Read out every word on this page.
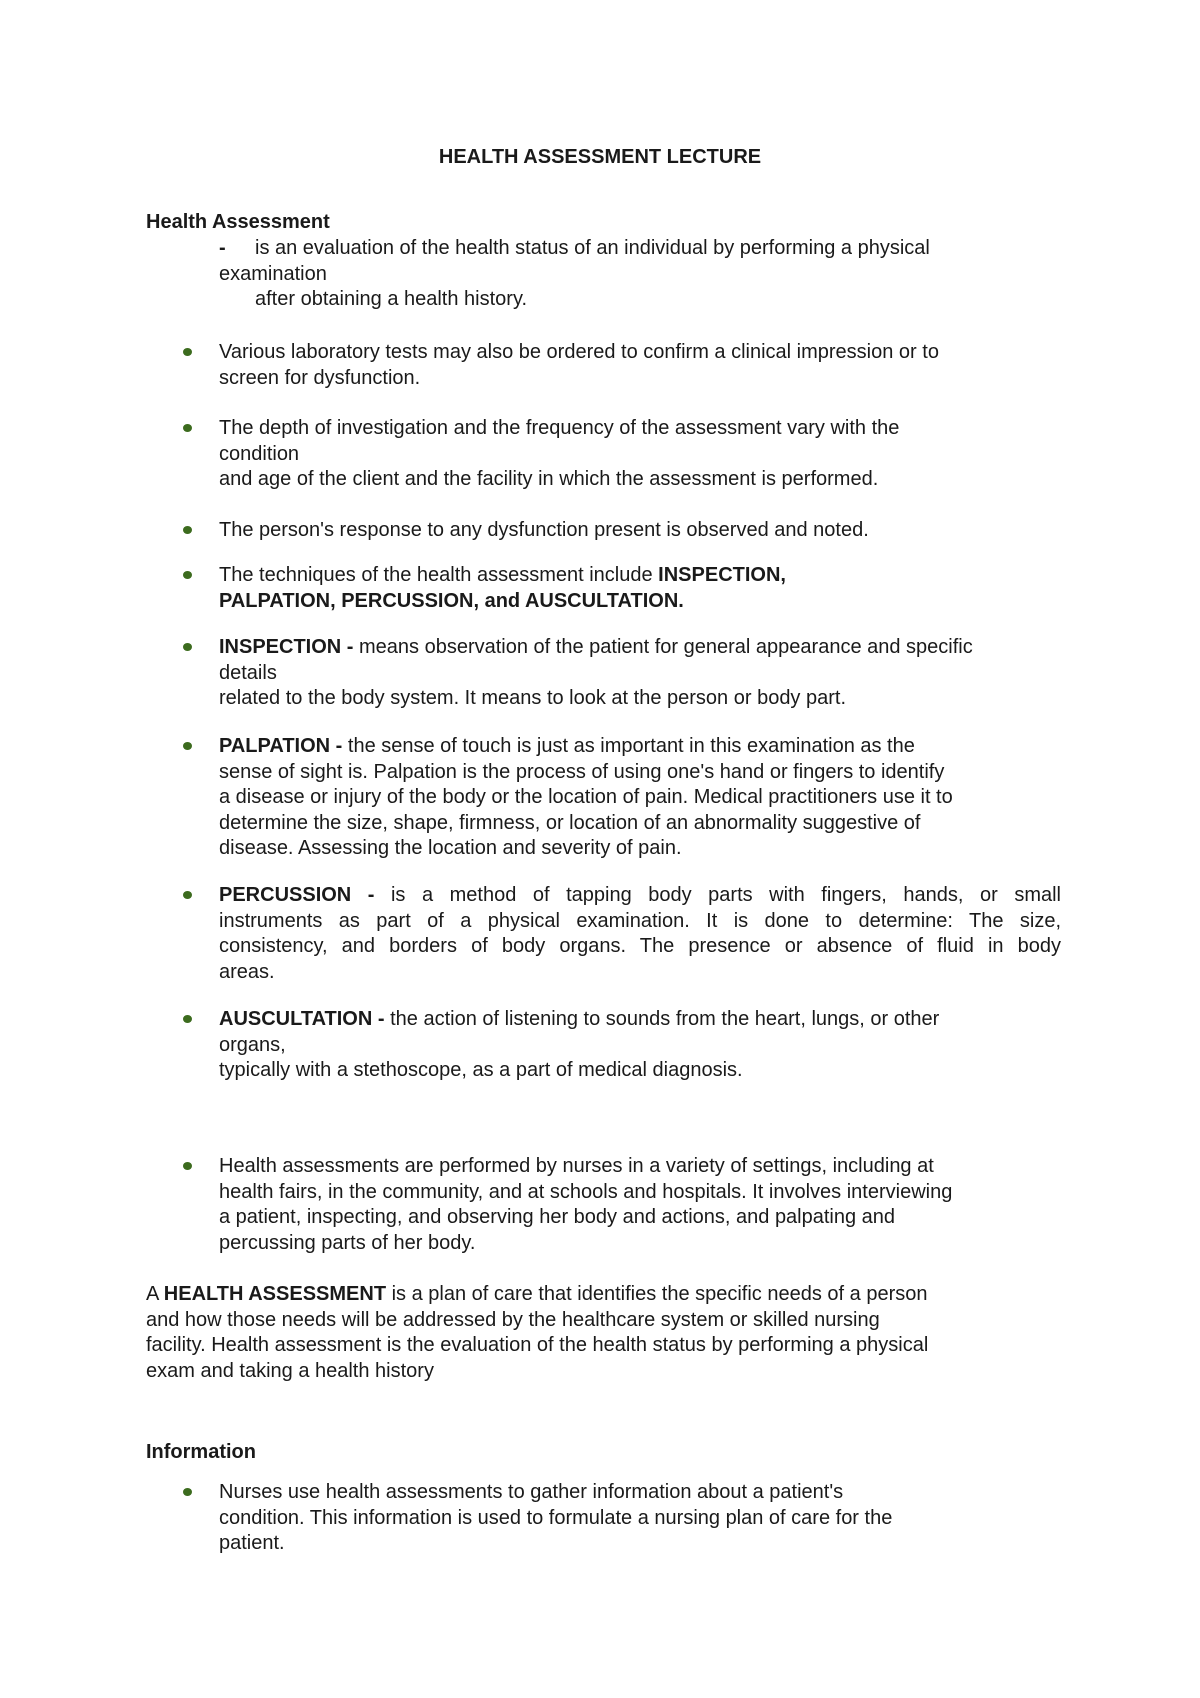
HEALTH ASSESSMENT LECTURE
Health Assessment
- is an evaluation of the health status of an individual by performing a physical
examination
after obtaining a health history.
Various laboratory tests may also be ordered to confirm a clinical impression or to
screen for dysfunction.
The depth of investigation and the frequency of the assessment vary with the
condition
and age of the client and the facility in which the assessment is performed.
The person's response to any dysfunction present is observed and noted.
The techniques of the health assessment include INSPECTION,
PALPATION, PERCUSSION, and AUSCULTATION.
INSPECTION - means observation of the patient for general appearance and specific
details
related to the body system. It means to look at the person or body part.
PALPATION - the sense of touch is just as important in this examination as the
sense of sight is. Palpation is the process of using one's hand or fingers to identify
a disease or injury of the body or the location of pain. Medical practitioners use it to
determine the size, shape, firmness, or location of an abnormality suggestive of
disease. Assessing the location and severity of pain.
PERCUSSION - is a method of tapping body parts with fingers, hands, or small
instruments as part of a physical examination. It is done to determine: The size,
consistency, and borders of body organs. The presence or absence of fluid in body
areas.
AUSCULTATION - the action of listening to sounds from the heart, lungs, or other
organs,
typically with a stethoscope, as a part of medical diagnosis.
Health assessments are performed by nurses in a variety of settings, including at
health fairs, in the community, and at schools and hospitals. It involves interviewing
a patient, inspecting, and observing her body and actions, and palpating and
percussing parts of her body.
A HEALTH ASSESSMENT is a plan of care that identifies the specific needs of a person
and how those needs will be addressed by the healthcare system or skilled nursing
facility. Health assessment is the evaluation of the health status by performing a physical
exam and taking a health history
Information
Nurses use health assessments to gather information about a patient's
condition. This information is used to formulate a nursing plan of care for the
patient.
